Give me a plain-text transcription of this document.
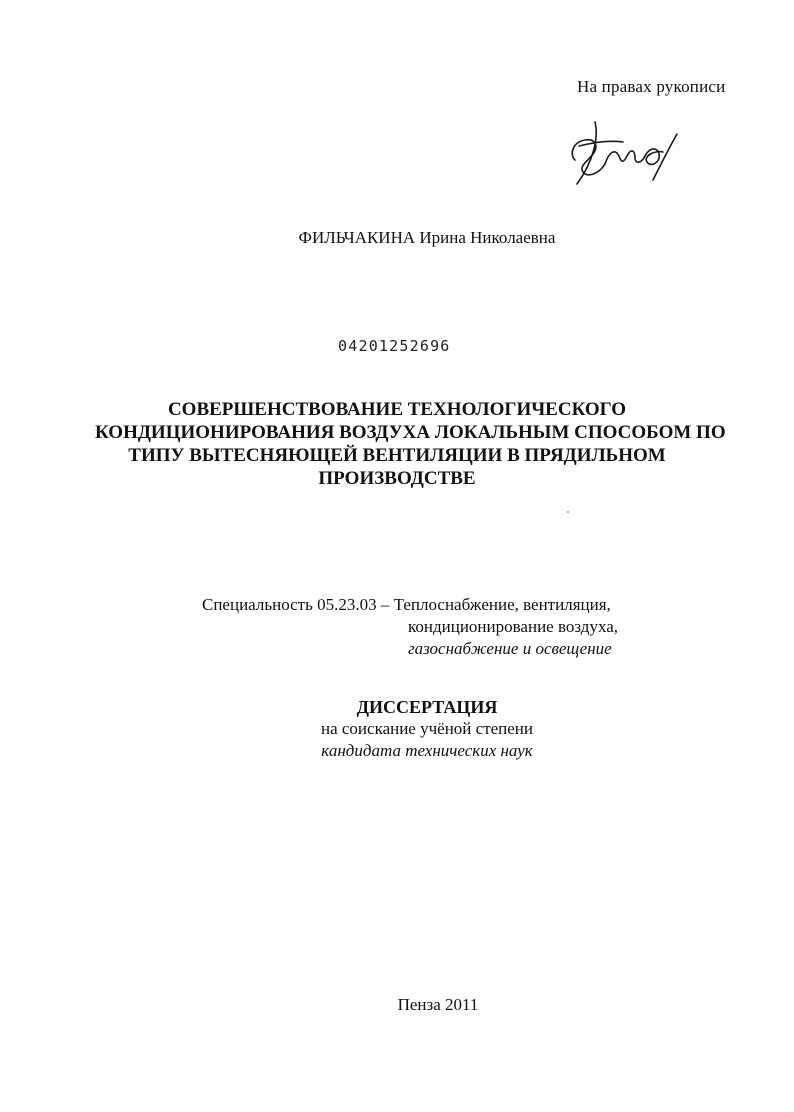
На правах рукописи
ФИЛЬЧАКИНА Ирина Николаевна
04201252696
СОВЕРШЕНСТВОВАНИЕ ТЕХНОЛОГИЧЕСКОГО
КОНДИЦИОНИРОВАНИЯ ВОЗДУХА ЛОКАЛЬНЫМ СПОСОБОМ ПО
ТИПУ ВЫТЕСНЯЮЩЕЙ ВЕНТИЛЯЦИИ В ПРЯДИЛЬНОМ
ПРОИЗВОДСТВЕ
Специальность 05.23.03 – Теплоснабжение, вентиляция,
кондиционирование воздуха,
газоснабжение и освещение
ДИССЕРТАЦИЯ
на соискание учёной степени
кандидата технических наук
Пенза 2011
